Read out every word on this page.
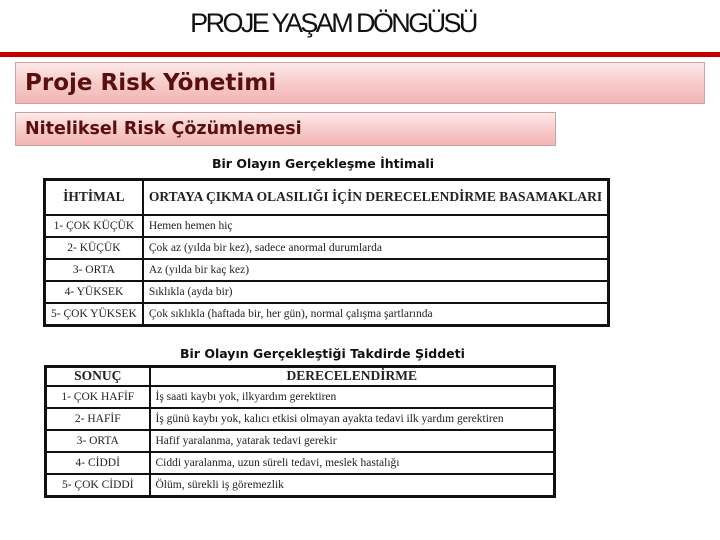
PROJE YAŞAM DÖNGÜSÜ
Proje Risk Yönetimi
Niteliksel Risk Çözümlemesi
Bir Olayın Gerçekleşme İhtimali
İHTİMAL	ORTAYA ÇIKMA OLASILIĞI İÇİN DERECELENDİRME BASAMAKLARI
1- ÇOK KÜÇÜK	Hemen hemen hiç
2- KÜÇÜK	Çok az (yılda bir kez), sadece anormal durumlarda
3- ORTA	Az (yılda bir kaç kez)
4- YÜKSEK	Sıklıkla (ayda bir)
5- ÇOK YÜKSEK	Çok sıklıkla (haftada bir, her gün), normal çalışma şartlarında
Bir Olayın Gerçekleştiği Takdirde Şiddeti
SONUÇ	DERECELENDİRME
1- ÇOK HAFİF	İş saati kaybı yok, ilkyardım gerektiren
2- HAFİF	İş günü kaybı yok, kalıcı etkisi olmayan ayakta tedavi ilk yardım gerektiren
3- ORTA	Hafif yaralanma, yatarak tedavi gerekir
4- CİDDİ	Ciddi yaralanma, uzun süreli tedavi, meslek hastalığı
5- ÇOK CİDDİ	Ölüm, sürekli iş göremezlik
